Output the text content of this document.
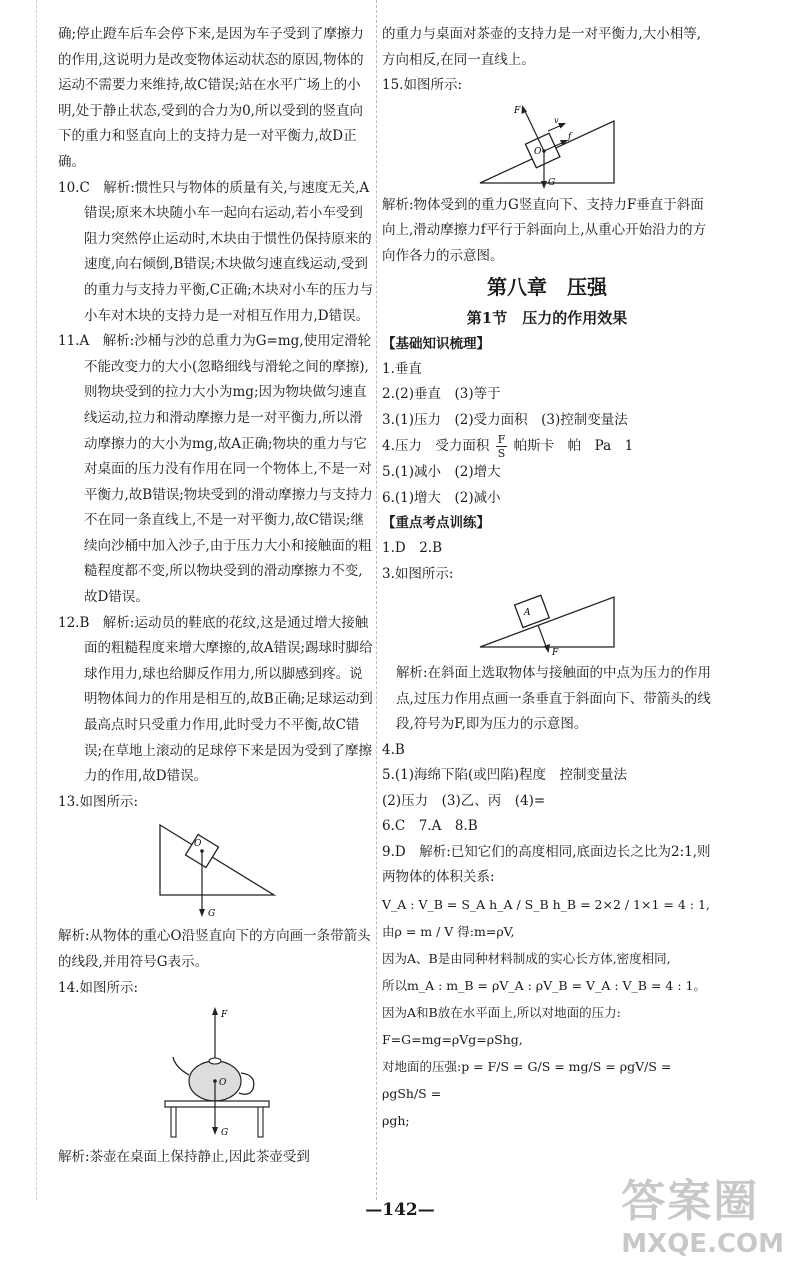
确;停止蹬车后车会停下来,是因为车子受到了摩擦力的作用,这说明力是改变物体运动状态的原因,物体的运动不需要力来维持,故C错误;站在水平广场上的小明,处于静止状态,受到的合力为0,所以受到的竖直向下的重力和竖直向上的支持力是一对平衡力,故D正确。

10.C　解析:惯性只与物体的质量有关,与速度无关,A错误;原来木块随小车一起向右运动,若小车受到阻力突然停止运动时,木块由于惯性仍保持原来的速度,向右倾倒,B错误;木块做匀速直线运动,受到的重力与支持力平衡,C正确;木块对小车的压力与小车对木块的支持力是一对相互作用力,D错误。

11.A　解析:沙桶与沙的总重力为G=mg,使用定滑轮不能改变力的大小(忽略细线与滑轮之间的摩擦),则物块受到的拉力大小为mg;因为物块做匀速直线运动,拉力和滑动摩擦力是一对平衡力,所以滑动摩擦力的大小为mg,故A正确;物块的重力与它对桌面的压力没有作用在同一个物体上,不是一对平衡力,故B错误;物块受到的滑动摩擦力与支持力不在同一条直线上,不是一对平衡力,故C错误;继续向沙桶中加入沙子,由于压力大小和接触面的粗糙程度都不变,所以物块受到的滑动摩擦力不变,故D错误。

12.B　解析:运动员的鞋底的花纹,这是通过增大接触面的粗糙程度来增大摩擦的,故A错误;踢球时脚给球作用力,球也给脚反作用力,所以脚感到疼。说明物体间力的作用是相互的,故B正确;足球运动到最高点时只受重力作用,此时受力不平衡,故C错误;在草地上滚动的足球停下来是因为受到了摩擦力的作用,故D错误。

13.如图所示:

O
G

解析:从物体的重心O沿竖直向下的方向画一条带箭头的线段,并用符号G表示。

14.如图所示:

F
O
G

解析:茶壶在桌面上保持静止,因此茶壶受到

的重力与桌面对茶壶的支持力是一对平衡力,大小相等,方向相反,在同一直线上。

15.如图所示:

F
v
f
O
G

解析:物体受到的重力G竖直向下、支持力F垂直于斜面向上,滑动摩擦力f平行于斜面向上,从重心开始沿力的方向作各力的示意图。

第八章　压强

第1节　压力的作用效果

【基础知识梳理】

1.垂直

2.(2)垂直　(3)等于

3.(1)压力　(2)受力面积　(3)控制变量法

4.压力　受力面积 $\frac{F}{S}$ 帕斯卡　帕　Pa　1

5.(1)减小　(2)增大

6.(1)增大　(2)减小

【重点考点训练】

1.D　2.B

3.如图所示:

A
F

解析:在斜面上选取物体与接触面的中点为压力的作用点,过压力作用点画一条垂直于斜面向下、带箭头的线段,符号为F,即为压力的示意图。

4.B

5.(1)海绵下陷(或凹陷)程度　控制变量法

(2)压力　(3)乙、丙　(4)=

6.C　7.A　8.B

9.D　解析:已知它们的高度相同,底面边长之比为2:1,则两物体的体积关系:

V_A : V_B = S_A h_A / S_B h_B = 2×2 / 1×1 = 4 : 1,

由ρ = m / V 得:m=ρV,

因为A、B是由同种材料制成的实心长方体,密度相同,

所以m_A : m_B = ρV_A : ρV_B = V_A : V_B = 4 : 1。

因为A和B放在水平面上,所以对地面的压力:

F=G=mg=ρVg=ρShg,

对地面的压强:p = F/S = G/S = mg/S = ρgV/S = ρgSh/S =

ρgh;

—142—	答案圈
MXQE.COM
